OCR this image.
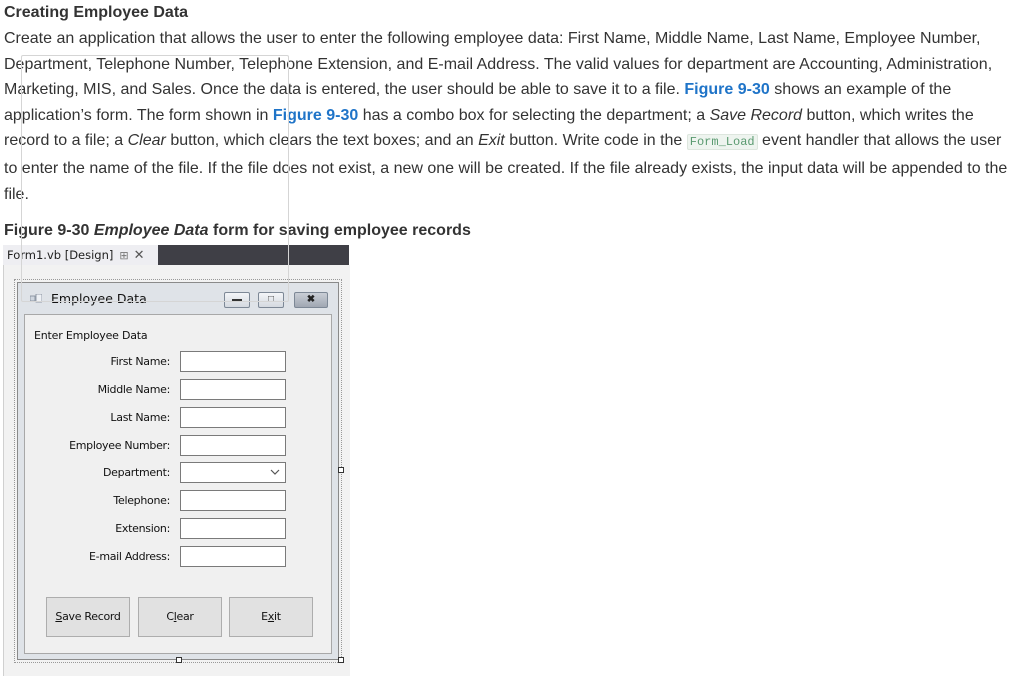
Creating Employee Data
Create an application that allows the user to enter the following employee data: First Name, Middle Name, Last Name, Employee Number, Department, Telephone Number, Telephone Extension, and E-mail Address. The valid values for department are Accounting, Administration, Marketing, MIS, and Sales. Once the data is entered, the user should be able to save it to a file. Figure 9-30 shows an example of the application’s form. The form shown in Figure 9-30 has a combo box for selecting the department; a Save Record button, which writes the record to a file; a Clear button, which clears the text boxes; and an Exit button. Write code in the Form_Load event handler that allows the user to enter the name of the file. If the file does not exist, a new one will be created. If the file already exists, the input data will be appended to the file.
Figure 9-30 Employee Data form for saving employee records
Form1.vb [Design] ⊞ ✕
Employee Data	▬	□	✖
Enter Employee Data
First Name:
Middle Name:
Last Name:
Employee Number:
Department:
Telephone:
Extension:
E-mail Address:
Save Record	Clear	Exit
